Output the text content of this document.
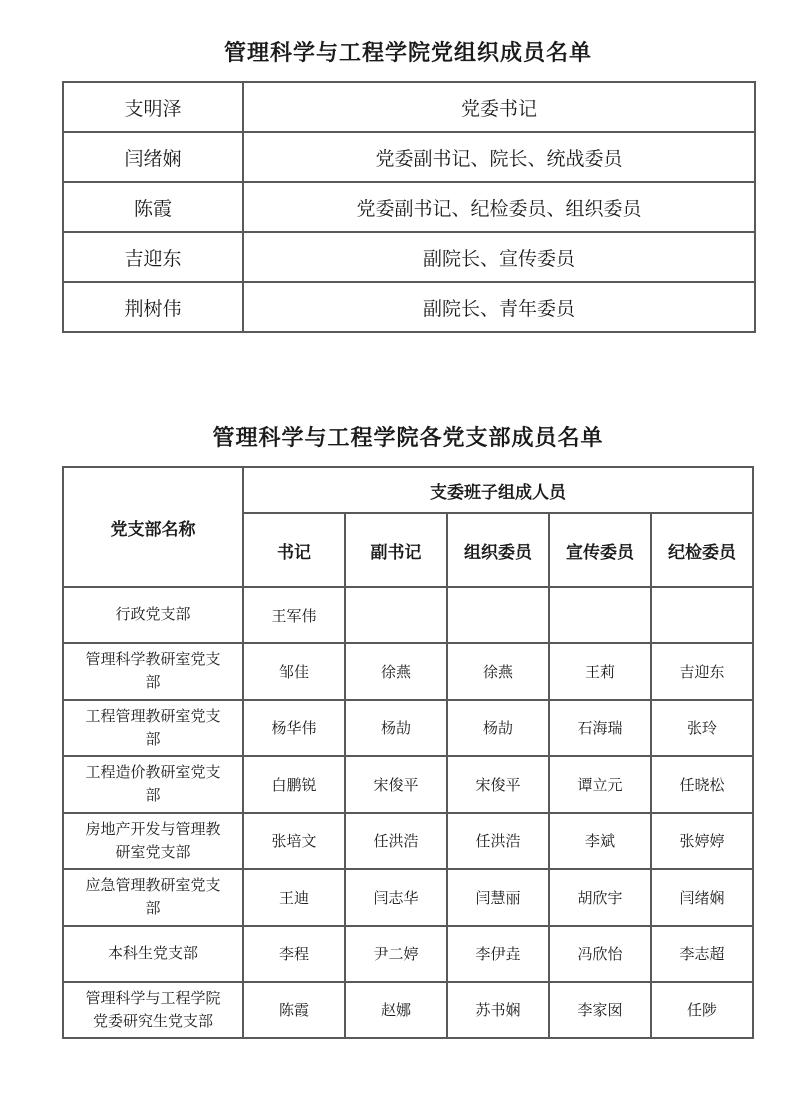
管理科学与工程学院党组织成员名单
支明泽	党委书记
闫绪娴	党委副书记、院长、统战委员
陈霞	党委副书记、纪检委员、组织委员
吉迎东	副院长、宣传委员
荆树伟	副院长、青年委员
管理科学与工程学院各党支部成员名单
党支部名称	支委班子组成人员				
	书记	副书记	组织委员	宣传委员	纪检委员
行政党支部	王军伟				
管理科学教研室党支部	邹佳	徐燕	徐燕	王莉	吉迎东
工程管理教研室党支部	杨华伟	杨劼	杨劼	石海瑞	张玲
工程造价教研室党支部	白鹏锐	宋俊平	宋俊平	谭立元	任晓松
房地产开发与管理教研室党支部	张培文	任洪浩	任洪浩	李斌	张婷婷
应急管理教研室党支部	王迪	闫志华	闫慧丽	胡欣宇	闫绪娴
本科生党支部	李程	尹二婷	李伊垚	冯欣怡	李志超
管理科学与工程学院党委研究生党支部	陈霞	赵娜	苏书娴	李家囡	任陟
